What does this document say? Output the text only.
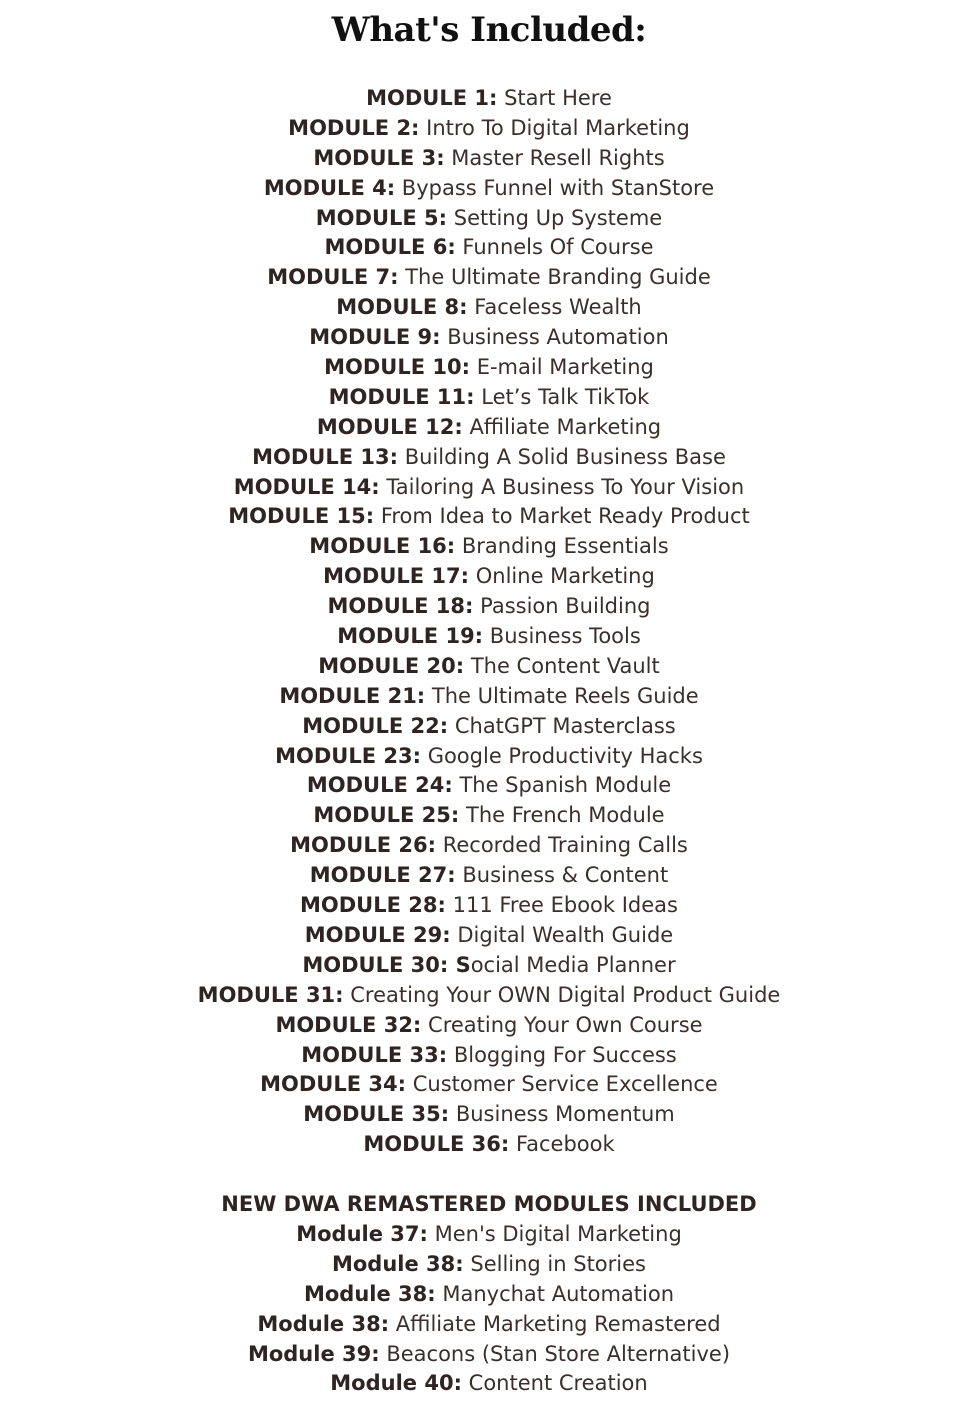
What's Included:
MODULE 1: Start Here
MODULE 2: Intro To Digital Marketing
MODULE 3: Master Resell Rights
MODULE 4: Bypass Funnel with StanStore
MODULE 5: Setting Up Systeme
MODULE 6: Funnels Of Course
MODULE 7: The Ultimate Branding Guide
MODULE 8: Faceless Wealth
MODULE 9: Business Automation
MODULE 10: E-mail Marketing
MODULE 11: Let’s Talk TikTok
MODULE 12: Affiliate Marketing
MODULE 13: Building A Solid Business Base
MODULE 14: Tailoring A Business To Your Vision
MODULE 15: From Idea to Market Ready Product
MODULE 16: Branding Essentials
MODULE 17: Online Marketing
MODULE 18: Passion Building
MODULE 19: Business Tools
MODULE 20: The Content Vault
MODULE 21: The Ultimate Reels Guide
MODULE 22: ChatGPT Masterclass
MODULE 23: Google Productivity Hacks
MODULE 24: The Spanish Module
MODULE 25: The French Module
MODULE 26: Recorded Training Calls
MODULE 27: Business & Content
MODULE 28: 111 Free Ebook Ideas
MODULE 29: Digital Wealth Guide
MODULE 30: Social Media Planner
MODULE 31: Creating Your OWN Digital Product Guide
MODULE 32: Creating Your Own Course
MODULE 33: Blogging For Success
MODULE 34: Customer Service Excellence
MODULE 35: Business Momentum
MODULE 36: Facebook
NEW DWA REMASTERED MODULES INCLUDED
Module 37: Men's Digital Marketing
Module 38: Selling in Stories
Module 38: Manychat Automation
Module 38: Affiliate Marketing Remastered
Module 39: Beacons (Stan Store Alternative)
Module 40: Content Creation
